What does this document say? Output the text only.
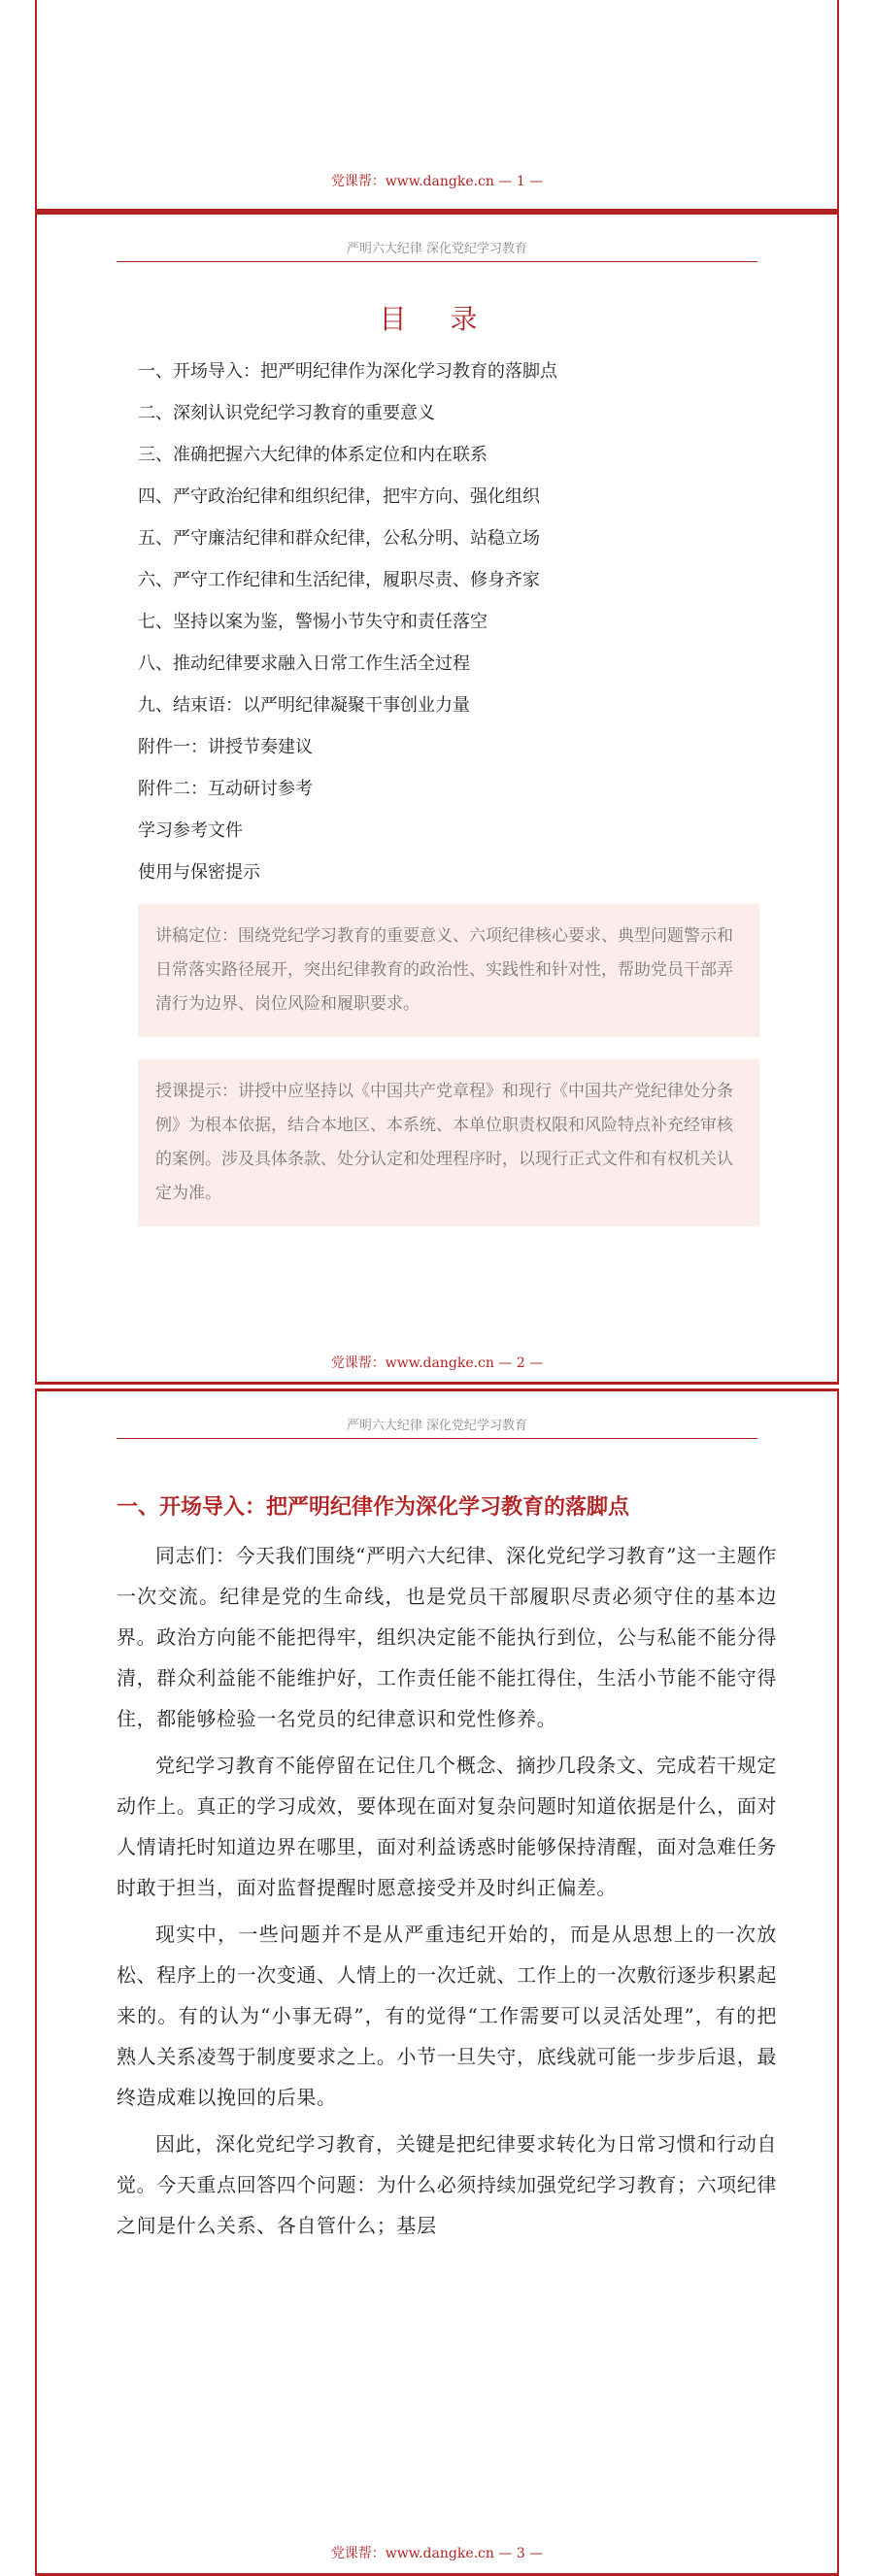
党课帮：www.dangke.cn — 1 —
严明六大纪律 深化党纪学习教育
目 录
一、开场导入：把严明纪律作为深化学习教育的落脚点
二、深刻认识党纪学习教育的重要意义
三、准确把握六大纪律的体系定位和内在联系
四、严守政治纪律和组织纪律，把牢方向、强化组织
五、严守廉洁纪律和群众纪律，公私分明、站稳立场
六、严守工作纪律和生活纪律，履职尽责、修身齐家
七、坚持以案为鉴，警惕小节失守和责任落空
八、推动纪律要求融入日常工作生活全过程
九、结束语：以严明纪律凝聚干事创业力量
附件一：讲授节奏建议
附件二：互动研讨参考
学习参考文件
使用与保密提示
讲稿定位：围绕党纪学习教育的重要意义、六项纪律核心要求、典型问题警示和日常落实路径展开，突出纪律教育的政治性、实践性和针对性，帮助党员干部弄清行为边界、岗位风险和履职要求。
授课提示：讲授中应坚持以《中国共产党章程》和现行《中国共产党纪律处分条例》为根本依据，结合本地区、本系统、本单位职责权限和风险特点补充经审核的案例。涉及具体条款、处分认定和处理程序时，以现行正式文件和有权机关认定为准。
党课帮：www.dangke.cn — 2 —
严明六大纪律 深化党纪学习教育
一、开场导入：把严明纪律作为深化学习教育的落脚点

同志们：今天我们围绕“严明六大纪律、深化党纪学习教育”这一主题作一次交流。纪律是党的生命线，也是党员干部履职尽责必须守住的基本边界。政治方向能不能把得牢，组织决定能不能执行到位，公与私能不能分得清，群众利益能不能维护好，工作责任能不能扛得住，生活小节能不能守得住，都能够检验一名党员的纪律意识和党性修养。

党纪学习教育不能停留在记住几个概念、摘抄几段条文、完成若干规定动作上。真正的学习成效，要体现在面对复杂问题时知道依据是什么，面对人情请托时知道边界在哪里，面对利益诱惑时能够保持清醒，面对急难任务时敢于担当，面对监督提醒时愿意接受并及时纠正偏差。

现实中，一些问题并不是从严重违纪开始的，而是从思想上的一次放松、程序上的一次变通、人情上的一次迁就、工作上的一次敷衍逐步积累起来的。有的认为“小事无碍”，有的觉得“工作需要可以灵活处理”，有的把熟人关系凌驾于制度要求之上。小节一旦失守，底线就可能一步步后退，最终造成难以挽回的后果。

因此，深化党纪学习教育，关键是把纪律要求转化为日常习惯和行动自觉。今天重点回答四个问题：为什么必须持续加强党纪学习教育；六项纪律之间是什么关系、各自管什么；基层

党课帮：www.dangke.cn — 3 —
